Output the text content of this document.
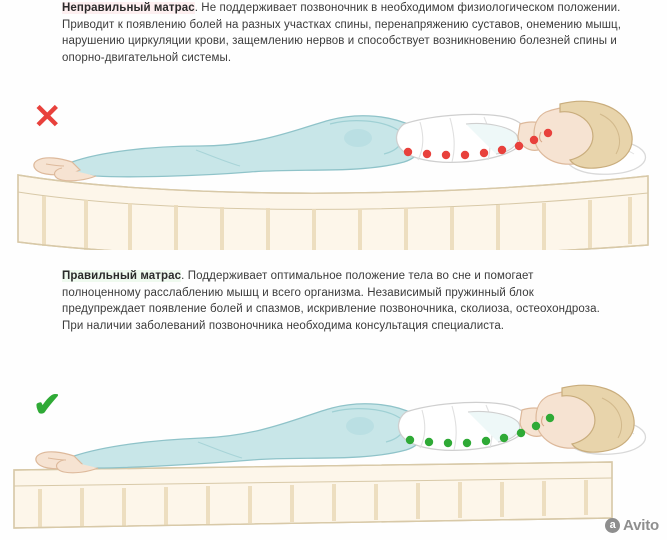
Неправильный матрас. Не поддерживает позвоночник в необходимом физиологическом положении. Приводит к появлению болей на разных участках спины, перенапряжению суставов, онемению мышц, нарушению циркуляции крови, защемлению нервов и способствует возникновению болезней спины и опорно-двигательной системы.
✕
Правильный матрас. Поддерживает оптимальное положение тела во сне и помогает полноценному расслаблению мышц и всего организма. Независимый пружинный блок предупреждает появление болей и спазмов, искривление позвоночника, сколиоза, остеохондроза. При наличии заболеваний позвоночника необходима консультация специалиста.
✔
a Avito
